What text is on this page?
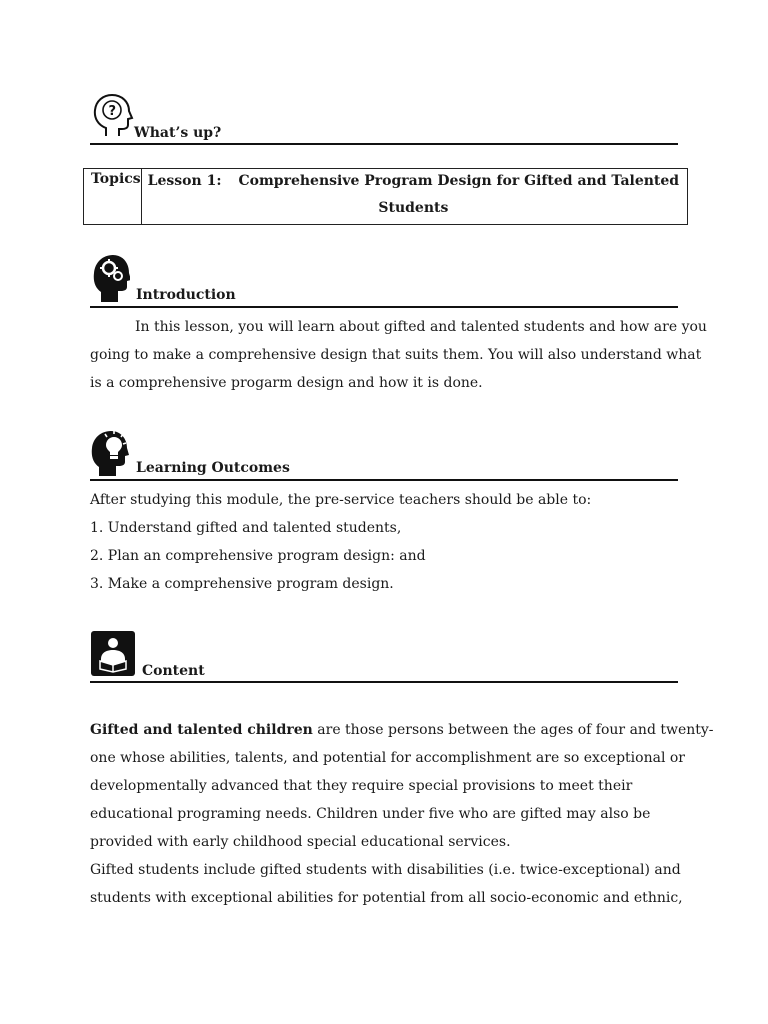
?
What’s up?
Topics	Lesson 1: Comprehensive Program Design for Gifted and Talented
Students
Introduction
In this lesson, you will learn about gifted and talented students and how are you
going to make a comprehensive design that suits them. You will also understand what
is a comprehensive progarm design and how it is done.
Learning Outcomes
After studying this module, the pre-service teachers should be able to:
1. Understand gifted and talented students,
2. Plan an comprehensive program design: and
3. Make a comprehensive program design.
Content
Gifted and talented children are those persons between the ages of four and twenty-
one whose abilities, talents, and potential for accomplishment are so exceptional or
developmentally advanced that they require special provisions to meet their
educational programing needs. Children under five who are gifted may also be
provided with early childhood special educational services.
Gifted students include gifted students with disabilities (i.e. twice-exceptional) and
students with exceptional abilities for potential from all socio-economic and ethnic,
